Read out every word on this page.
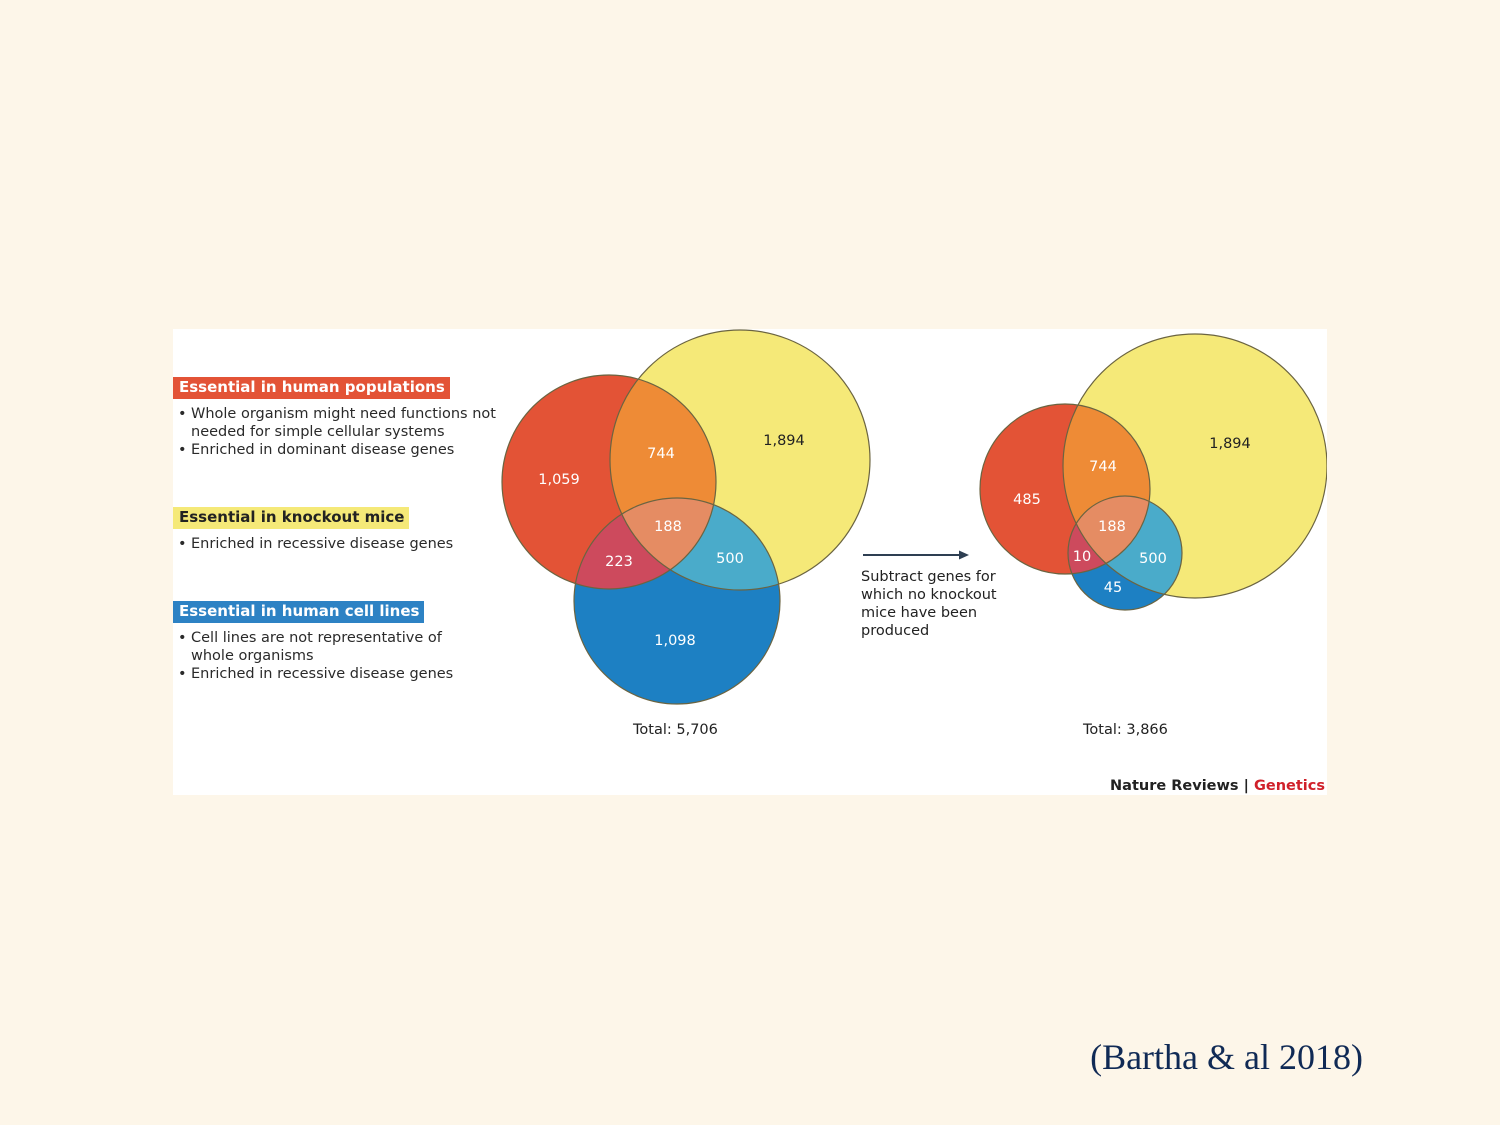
1,059
1,894
1,098
744
223	500
188
485
1,894
45
744
10	500
188
Essential in human populations
• Whole organism might need functions not needed for simple cellular systems
• Enriched in dominant disease genes
Essential in knockout mice
• Enriched in recessive disease genes
Essential in human cell lines
• Cell lines are not representative of whole organisms
• Enriched in recessive disease genes
Subtract genes for which no knockout mice have been produced
Total: 5,706	Total: 3,866
Nature Reviews | Genetics
(Bartha & al 2018)
